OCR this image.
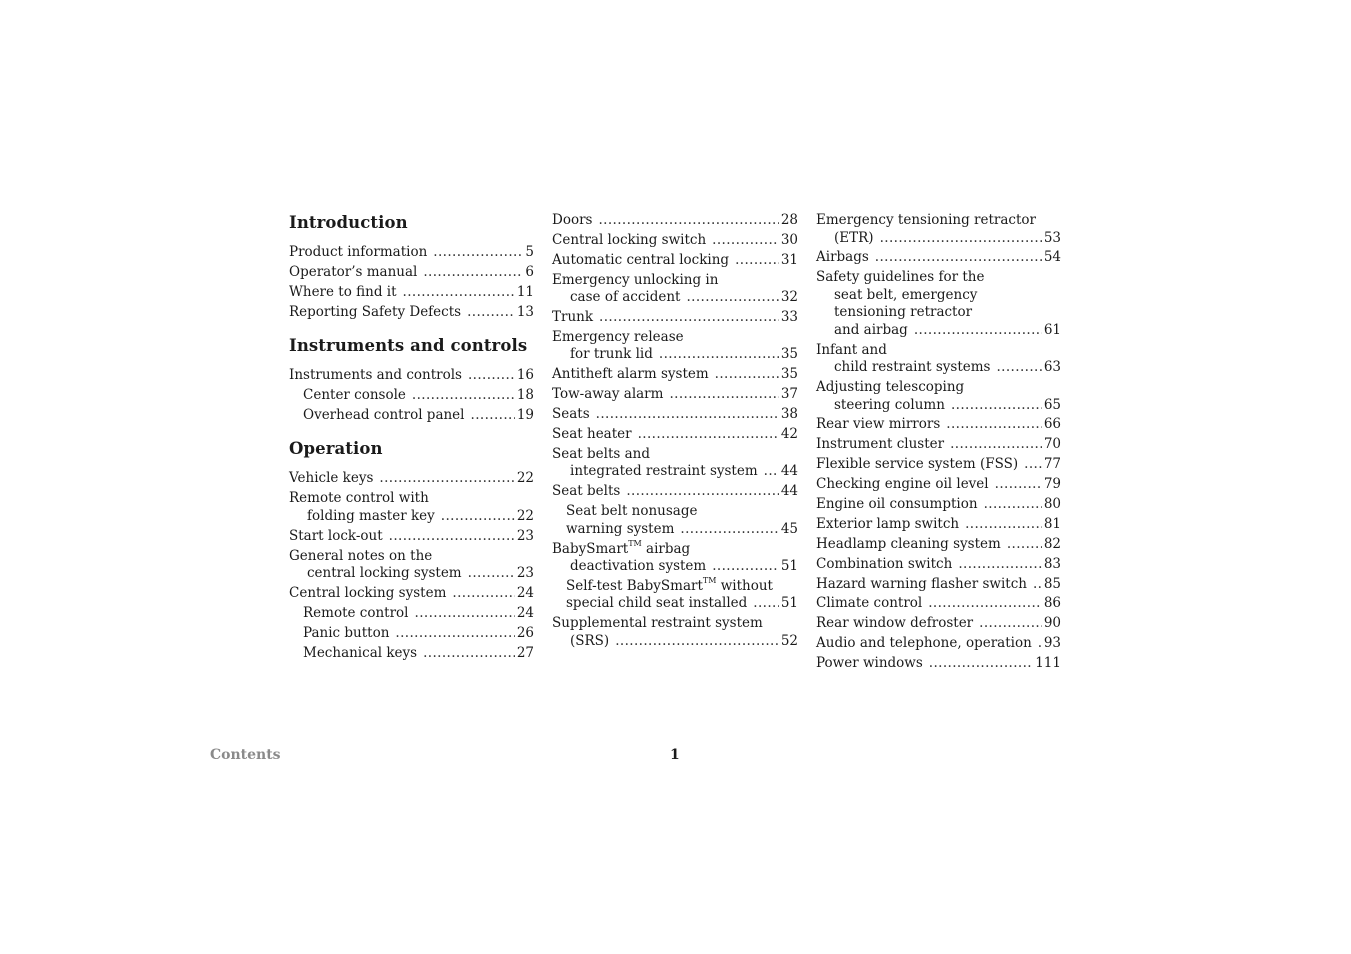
Introduction
Product information .....	5
Operator’s manual .....	6
Where to find it .....	11
Reporting Safety Defects .....	13
Instruments and controls
Instruments and controls .....	16
Center console .....	18
Overhead control panel .....	19
Operation
Vehicle keys .....	22
Remote control with
folding master key .....	22
Start lock-out .....	23
General notes on the
central locking system .....	23
Central locking system .....	24
Remote control .....	24
Panic button .....	26
Mechanical keys .....	27
Doors .....	28
Central locking switch .....	30
Automatic central locking .....	31
Emergency unlocking in
case of accident .....	32
Trunk .....	33
Emergency release
for trunk lid .....	35
Antitheft alarm system .....	35
Tow-away alarm .....	37
Seats .....	38
Seat heater .....	42
Seat belts and
integrated restraint system ..... 44
Seat belts .....	44
Seat belt nonusage
warning system .....	45
BabySmart™ airbag
deactivation system .....	51
Self-test BabySmart™ without
special child seat installed ..... 51
Supplemental restraint system
(SRS) .....	52
Emergency tensioning retractor
(ETR) .....	53
Airbags .....	54
Safety guidelines for the
seat belt, emergency
tensioning retractor
and airbag .....	61
Infant and
child restraint systems .....	63
Adjusting telescoping
steering column .....	65
Rear view mirrors .....	66
Instrument cluster .....	70
Flexible service system (FSS) ..... 77
Checking engine oil level .....	79
Engine oil consumption .....	80
Exterior lamp switch .....	81
Headlamp cleaning system .....	82
Combination switch .....	83
Hazard warning flasher switch ..... 85
Climate control .....	86
Rear window defroster .....	90
Audio and telephone, operation ..... 93
Power windows .....	111
Contents	1
